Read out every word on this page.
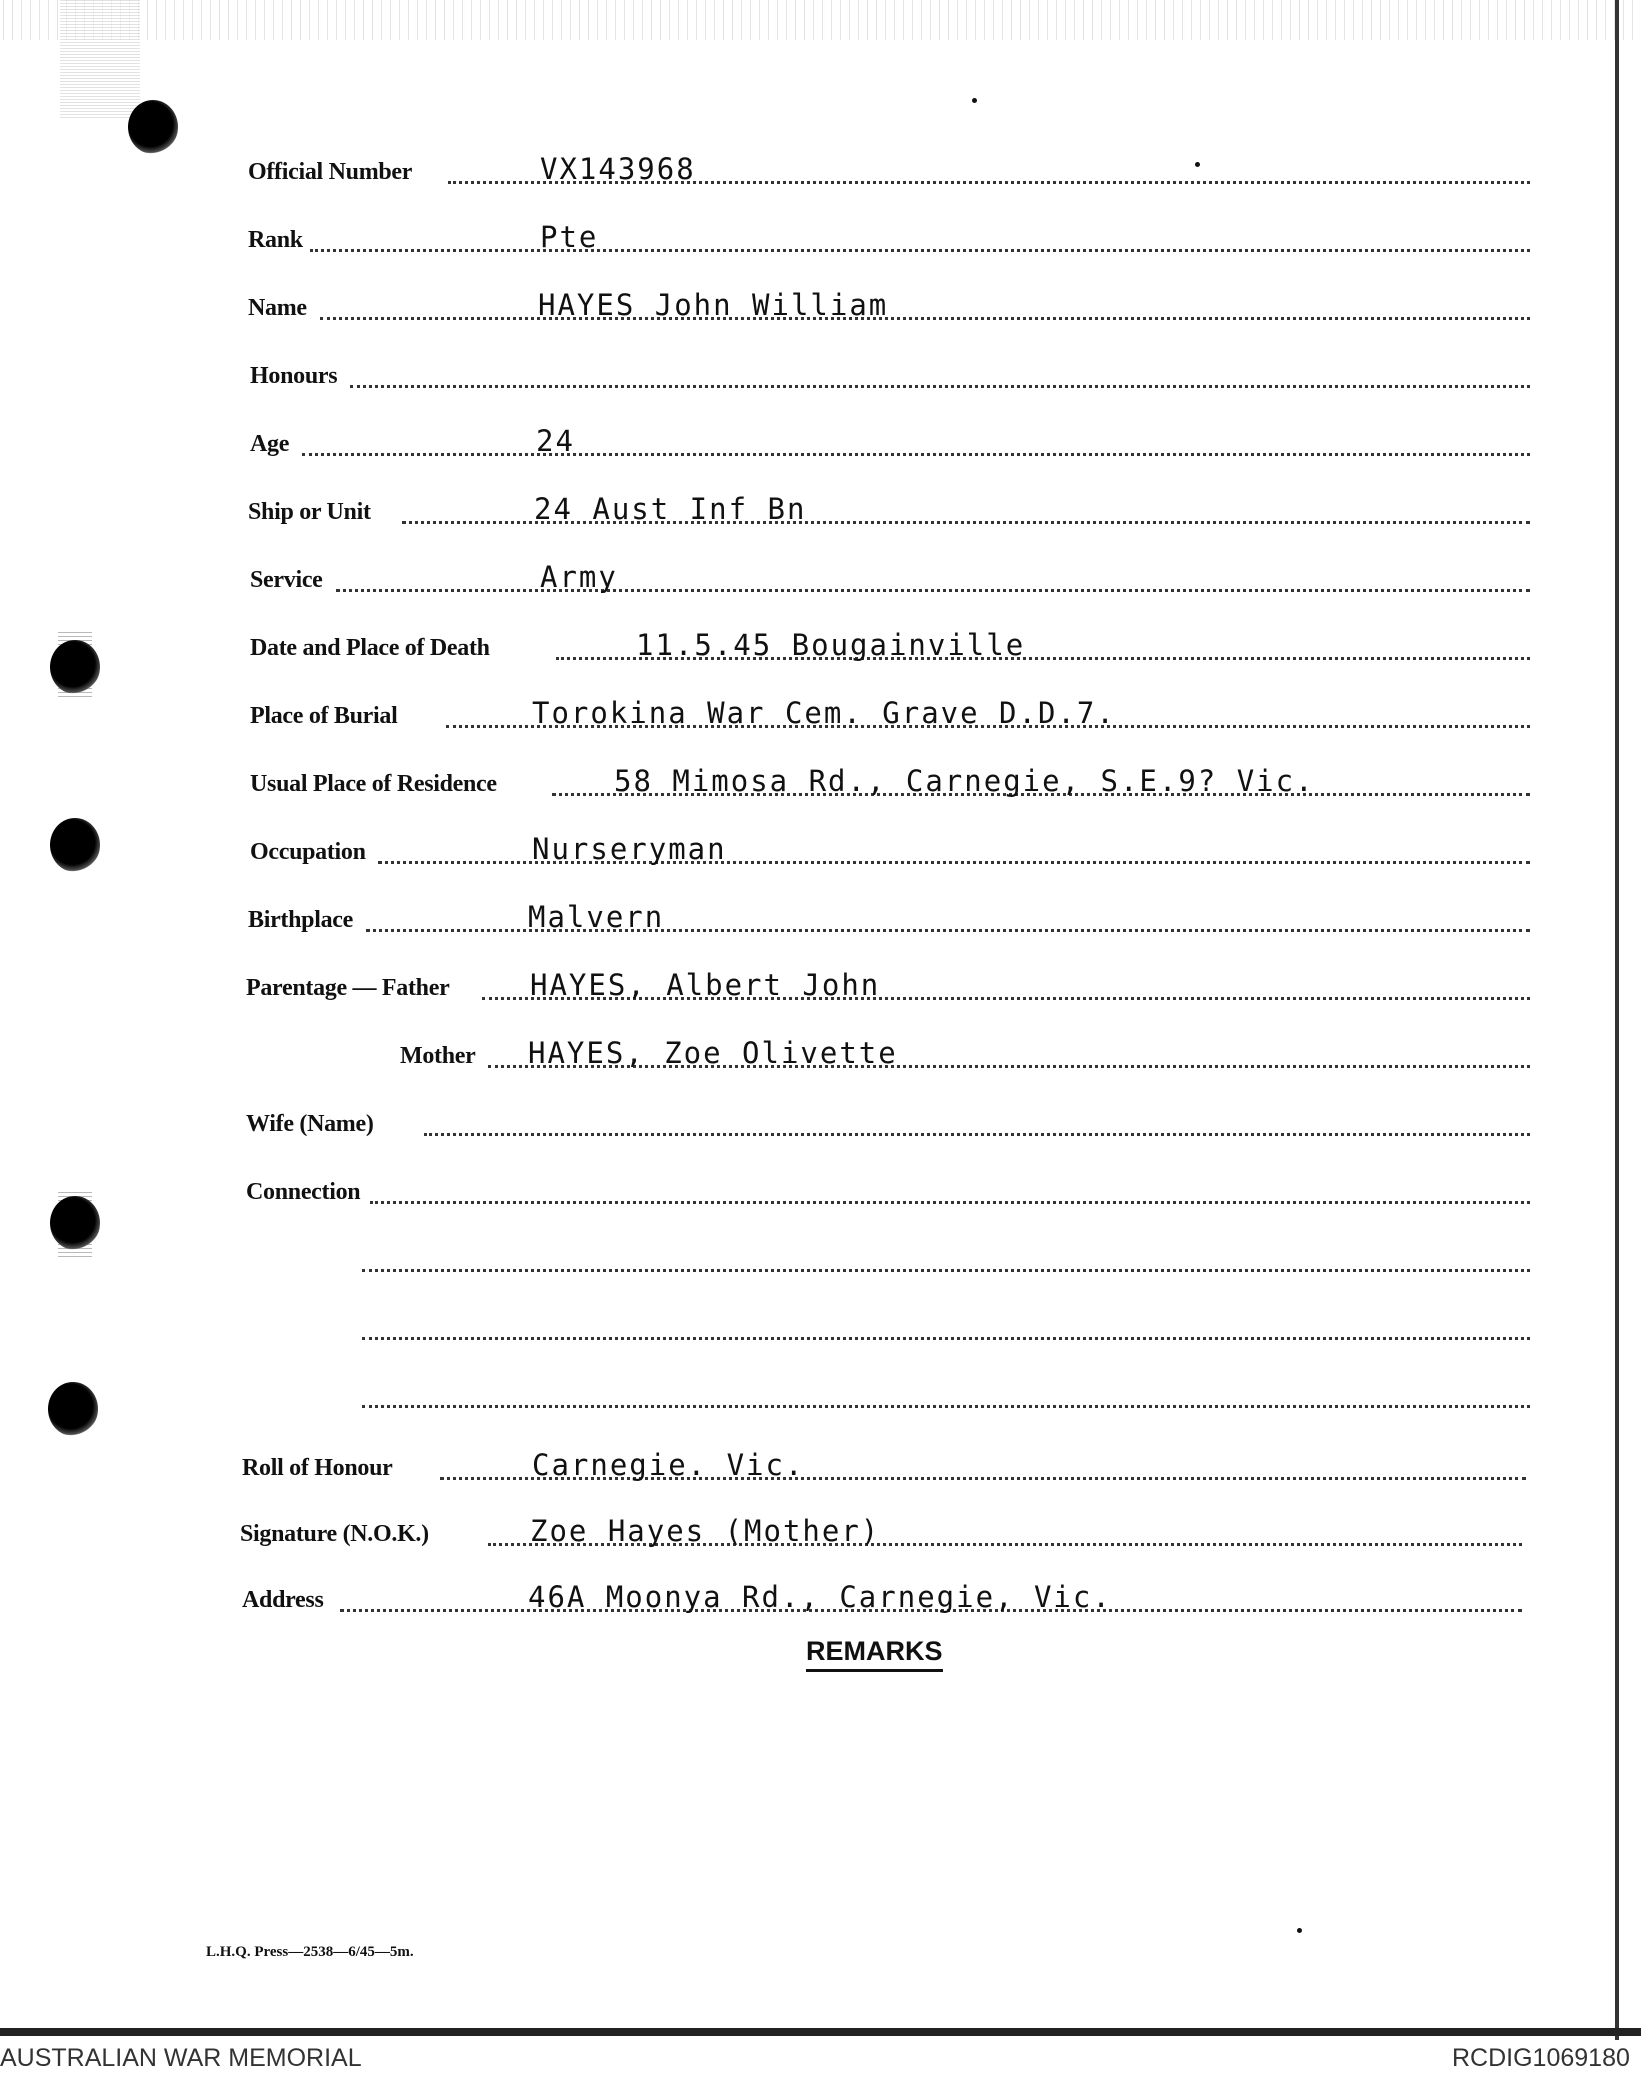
Official Number	VX143968
Rank	Pte
Name	HAYES John William
Honours
Age	24
Ship or Unit	24 Aust Inf Bn
Service	Army
Date and Place of Death	11.5.45 Bougainville
Place of Burial	Torokina War Cem. Grave D.D.7.
Usual Place of Residence	58 Mimosa Rd., Carnegie, S.E.9? Vic.
Occupation	Nurseryman
Birthplace	Malvern
Parentage — Father	HAYES, Albert John
Mother HAYES, Zoe Olivette
Wife (Name)
Connection
Roll of Honour	Carnegie. Vic.
Signature (N.O.K.)	Zoe Hayes (Mother)
Address	46A Moonya Rd., Carnegie, Vic.
REMARKS
L.H.Q. Press—2538—6/45—5m.
AUSTRALIAN WAR MEMORIAL	RCDIG1069180
